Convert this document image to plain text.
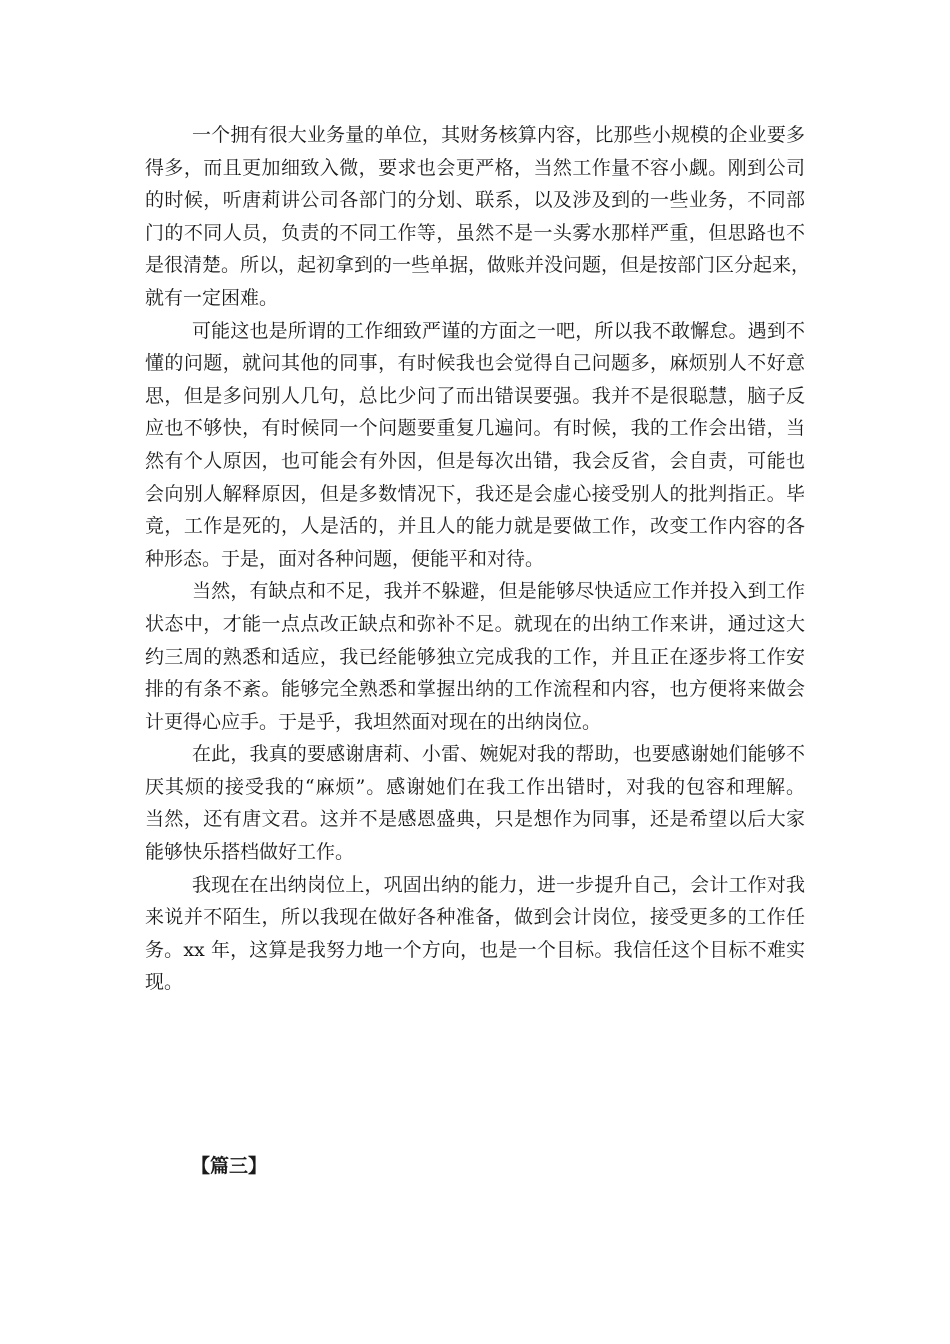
一个拥有很大业务量的单位，其财务核算内容，比那些小规模的企业要多
得多，而且更加细致入微，要求也会更严格，当然工作量不容小觑。刚到公司
的时候，听唐莉讲公司各部门的分划、联系，以及涉及到的一些业务，不同部
门的不同人员，负责的不同工作等，虽然不是一头雾水那样严重，但思路也不
是很清楚。所以，起初拿到的一些单据，做账并没问题，但是按部门区分起来，
就有一定困难。
可能这也是所谓的工作细致严谨的方面之一吧，所以我不敢懈怠。遇到不
懂的问题，就问其他的同事，有时候我也会觉得自己问题多，麻烦别人不好意
思，但是多问别人几句，总比少问了而出错误要强。我并不是很聪慧，脑子反
应也不够快，有时候同一个问题要重复几遍问。有时候，我的工作会出错，当
然有个人原因，也可能会有外因，但是每次出错，我会反省，会自责，可能也
会向别人解释原因，但是多数情况下，我还是会虚心接受别人的批判指正。毕
竟，工作是死的，人是活的，并且人的能力就是要做工作，改变工作内容的各
种形态。于是，面对各种问题，便能平和对待。
当然，有缺点和不足，我并不躲避，但是能够尽快适应工作并投入到工作
状态中，才能一点点改正缺点和弥补不足。就现在的出纳工作来讲，通过这大
约三周的熟悉和适应，我已经能够独立完成我的工作，并且正在逐步将工作安
排的有条不紊。能够完全熟悉和掌握出纳的工作流程和内容，也方便将来做会
计更得心应手。于是乎，我坦然面对现在的出纳岗位。
在此，我真的要感谢唐莉、小雷、婉妮对我的帮助，也要感谢她们能够不
厌其烦的接受我的“麻烦”。感谢她们在我工作出错时，对我的包容和理解。
当然，还有唐文君。这并不是感恩盛典，只是想作为同事，还是希望以后大家
能够快乐搭档做好工作。
我现在在出纳岗位上，巩固出纳的能力，进一步提升自己，会计工作对我
来说并不陌生，所以我现在做好各种准备，做到会计岗位，接受更多的工作任
务。xx 年，这算是我努力地一个方向，也是一个目标。我信任这个目标不难实
现。
【篇三】
